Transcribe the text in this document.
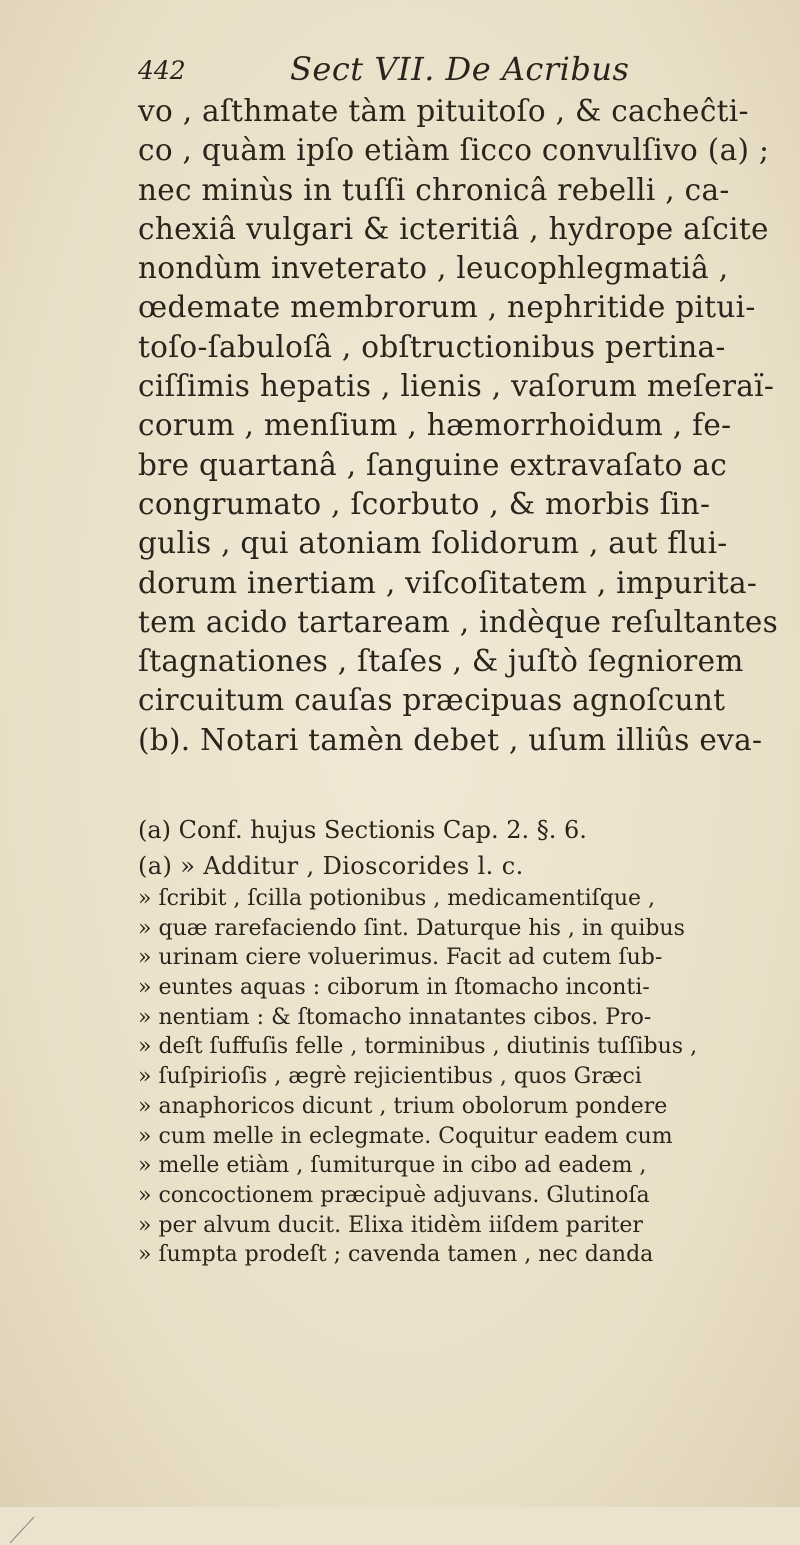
442	Sect VII. De Acribus
vo , aſthmate tàm pituitoſo , & cacheĉti-
co , quàm ipſo etiàm ſicco convulſivo (a) ;
nec minùs in tuſſi chronicâ rebelli , ca-
chexiâ vulgari & icteritiâ , hydrope aſcite
nondùm inveterato , leucophlegmatiâ ,
œdemate membrorum , nephritide pitui-
toſo-ſabuloſâ , obſtructionibus pertina-
ciſſimis hepatis , lienis , vaſorum meſeraï-
corum , menſium , hæmorrhoidum , fe-
bre quartanâ , ſanguine extravaſato ac
congrumato , ſcorbuto , & morbis ſin-
gulis , qui atoniam ſolidorum , aut flui-
dorum inertiam , viſcoſitatem , impurita-
tem acido tartaream , indèque reſultantes
ſtagnationes , ſtaſes , & juſtò ſegniorem
circuitum cauſas præcipuas agnoſcunt
(b). Notari tamèn debet , uſum illiûs eva-
(a) Conf. hujus Sectionis Cap. 2. §. 6.
(a) » Additur , Dioscorides l. c.
» ſcribit , ſcilla potionibus , medicamentiſque ,
» quæ rarefaciendo ſint. Daturque his , in quibus
» urinam ciere voluerimus. Facit ad cutem ſub-
» euntes aquas : ciborum in ſtomacho inconti-
» nentiam : & ſtomacho innatantes cibos. Pro-
» deſt ſuffuſis felle , torminibus , diutinis tuſſibus ,
» ſuſpirioſis , ægrè rejicientibus , quos Græci
» anaphoricos dicunt , trium obolorum pondere
» cum melle in eclegmate. Coquitur eadem cum
» melle etiàm , ſumiturque in cibo ad eadem ,
» concoctionem præcipuè adjuvans. Glutinoſa
» per alvum ducit. Elixa itidèm iiſdem pariter
» ſumpta prodeſt ; cavenda tamen , nec danda
